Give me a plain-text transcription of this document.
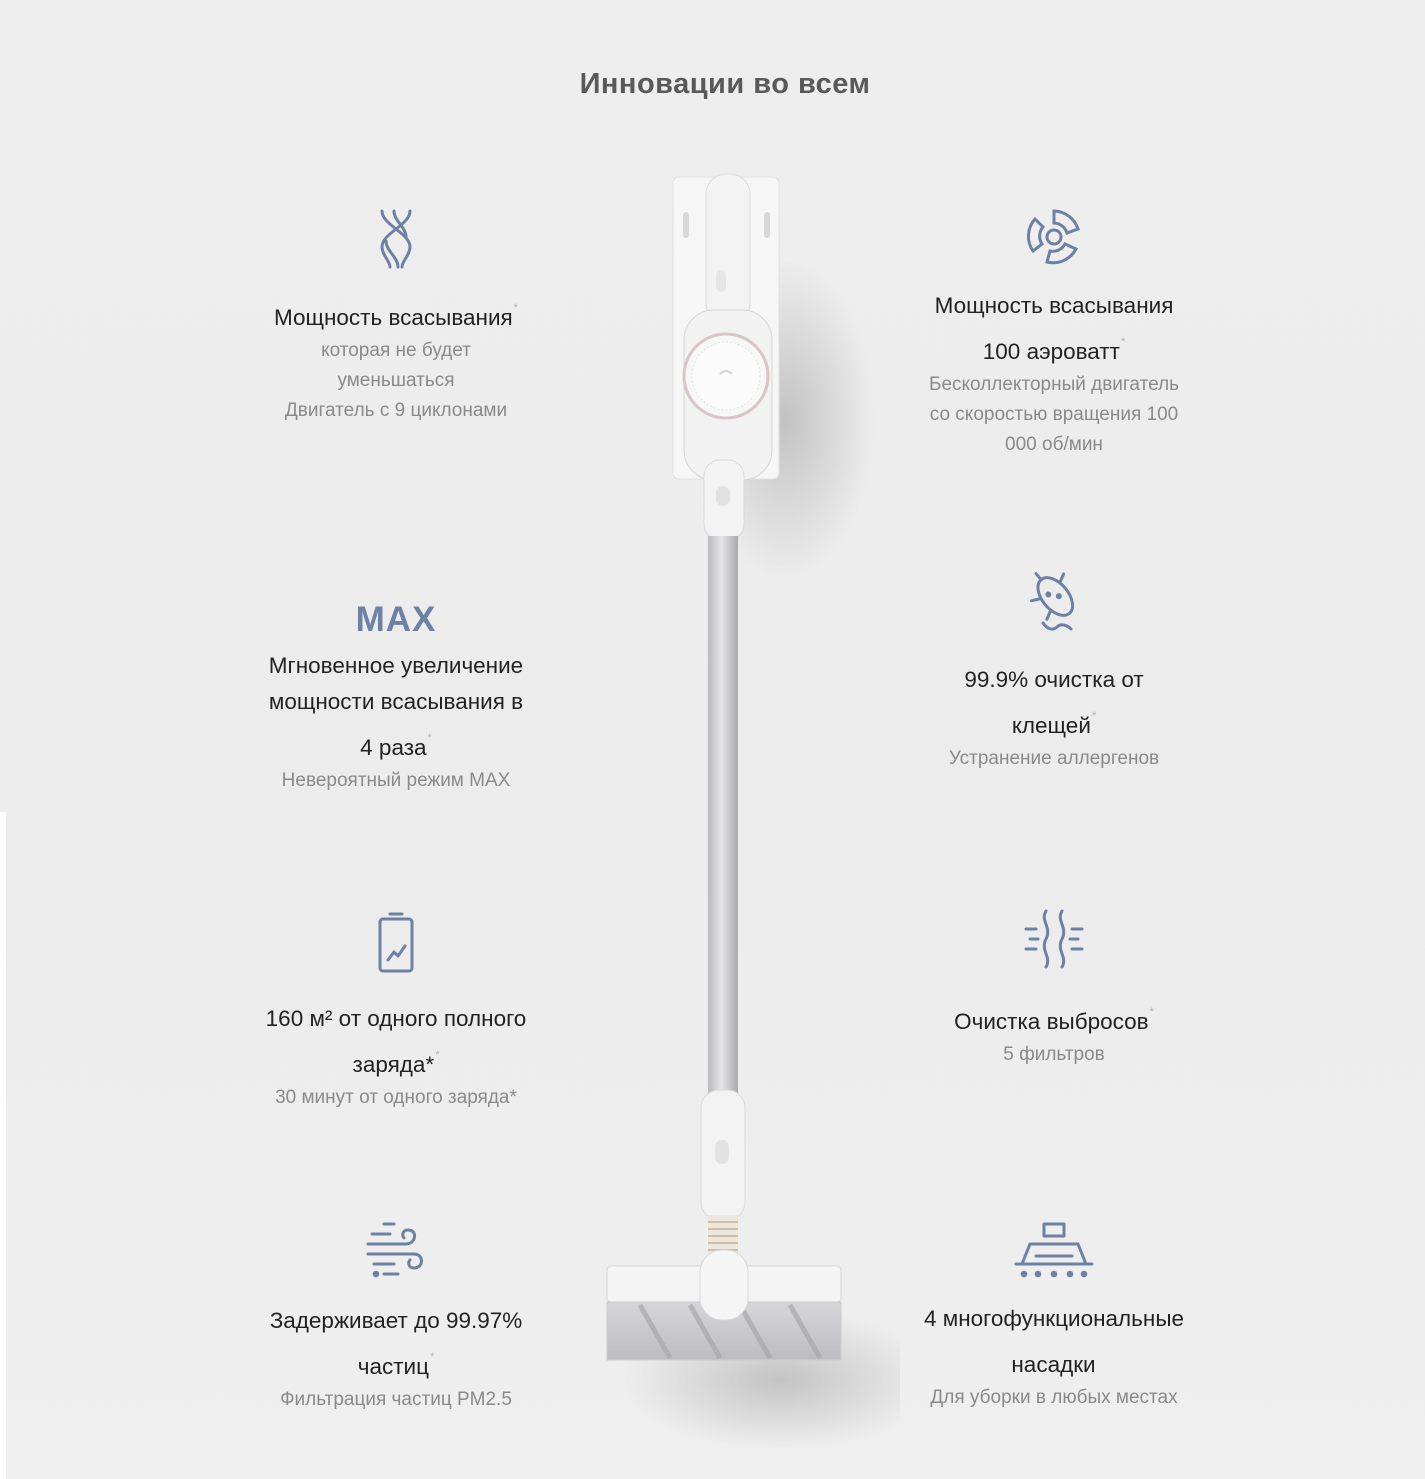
Инновации во всем
Мощность всасывания*

которая не будет

уменьшаться

Двигатель с 9 циклонами

Мощность всасывания
100 аэроватт*

Бесколлекторный двигатель

со скоростью вращения 100

000 об/мин

MAX
Мгновенное увеличение
мощности всасывания в
4 раза*

Невероятный режим MAX

99.9% очистка от
клещей*

Устранение аллергенов

160 м² от одного полного
заряда**

30 минут от одного заряда*

Очистка выбросов*

5 фильтров

Задерживает до 99.97%
частиц*

Фильтрация частиц PM2.5

4 многофункциональные
насадки

Для уборки в любых местах
